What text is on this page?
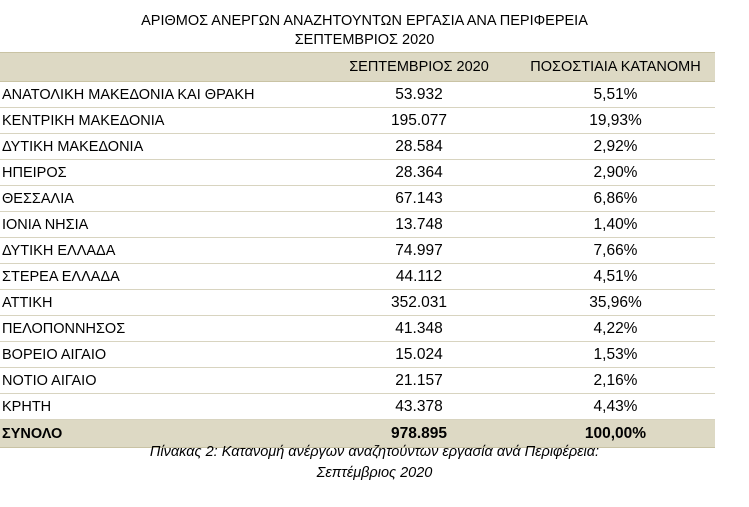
ΑΡΙΘΜΟΣ ΑΝΕΡΓΩΝ ΑΝΑΖΗΤΟΥΝΤΩΝ ΕΡΓΑΣΙΑ ΑΝΑ ΠΕΡΙΦΕΡΕΙΑ
ΣΕΠΤΕΜΒΡΙΟΣ 2020
	ΣΕΠΤΕΜΒΡΙΟΣ 2020	ΠΟΣΟΣΤΙΑΙΑ ΚΑΤΑΝΟΜΗ
ΑΝΑΤΟΛΙΚΗ ΜΑΚΕΔΟΝΙΑ ΚΑΙ ΘΡΑΚΗ	53.932	5,51%
ΚΕΝΤΡΙΚΗ ΜΑΚΕΔΟΝΙΑ	195.077	19,93%
ΔΥΤΙΚΗ ΜΑΚΕΔΟΝΙΑ	28.584	2,92%
ΗΠΕΙΡΟΣ	28.364	2,90%
ΘΕΣΣΑΛΙΑ	67.143	6,86%
ΙΟΝΙΑ ΝΗΣΙΑ	13.748	1,40%
ΔΥΤΙΚΗ ΕΛΛΑΔΑ	74.997	7,66%
ΣΤΕΡΕΑ ΕΛΛΑΔΑ	44.112	4,51%
ΑΤΤΙΚΗ	352.031	35,96%
ΠΕΛΟΠΟΝΝΗΣΟΣ	41.348	4,22%
ΒΟΡΕΙΟ ΑΙΓΑΙΟ	15.024	1,53%
ΝΟΤΙΟ ΑΙΓΑΙΟ	21.157	2,16%
ΚΡΗΤΗ	43.378	4,43%
ΣΥΝΟΛΟ	978.895	100,00%
Πίνακας 2: Κατανομή ανέργων αναζητούντων εργασία ανά Περιφέρεια:
Σεπτέμβριος 2020
